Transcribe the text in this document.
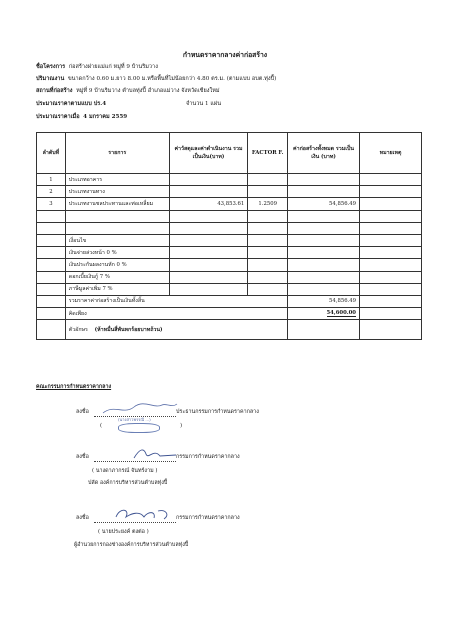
กำหนดราคากลางค่าก่อสร้าง
ชื่อโครงการ ก่อสร้างฝายแม่แก่ หมู่ที่ 9 บ้านริมวาง
ปริมาณงาน ขนาดกว้าง 0.60 ม.ยาว 8.00 ม.หรือพื้นที่ไม่น้อยกว่า 4.80 ตร.ม. (ตามแบบ อบต.ทุ่งปี้)
สถานที่ก่อสร้าง หมู่ที่ 9 บ้านริมวาง ตำบลทุ่งปี้ อำเภอแม่วาง จังหวัดเชียงใหม่
ประมาณราคาตามแบบ ปร.4	จำนวน 1 แผ่น
ประมาณราคาเมื่อ 4 มกราคม 2559
ลำดับที่	รายการ	ค่าวัสดุและค่าดำเนินงาน รวมเป็นเงิน(บาท)	FACTOR F.	ค่าก่อสร้างทั้งหมด รวมเป็นเงิน (บาท)	หมายเหตุ
1	ประเภทอาคาร				
2	ประเภทงานทาง				
3	ประเภทงานชลประทานและท่อเหลี่ยม	43,853.61	1.2509	54,856.49	

	เงื่อนไข				
	เงินจ่ายล่วงหน้า 0 %				
	เงินประกันผลงานหัก 0 %				
	ดอกเบี้ยเงินกู้ 7 %				
	ภาษีมูลค่าเพิ่ม 7 %				
	รวมราคาค่าก่อสร้างเป็นเงินทั้งสิ้น			54,856.49	
	คิดเพียง			54,600.00	
	ตัวอักษร (ห้าหมื่นสี่พันหกร้อยบาทถ้วน)				
คณะกรรมการกำหนดราคากลาง
ลงชื่อ	ประธานกรรมการกำหนดราคากลาง
(นางสาวพรรณี ...)
(	)
ลงชื่อ	กรรมการกำหนดราคากลาง
( นางดาภากรณ์ จันทร์งาม )
ปลัด องค์การบริหารส่วนตำบลทุ่งปี้
ลงชื่อ	กรรมการกำหนดราคากลาง
( นายประยงค์ ตงต่อ )
ผู้อำนวยการกองช่างองค์การบริหารส่วนตำบลทุ่งปี้
